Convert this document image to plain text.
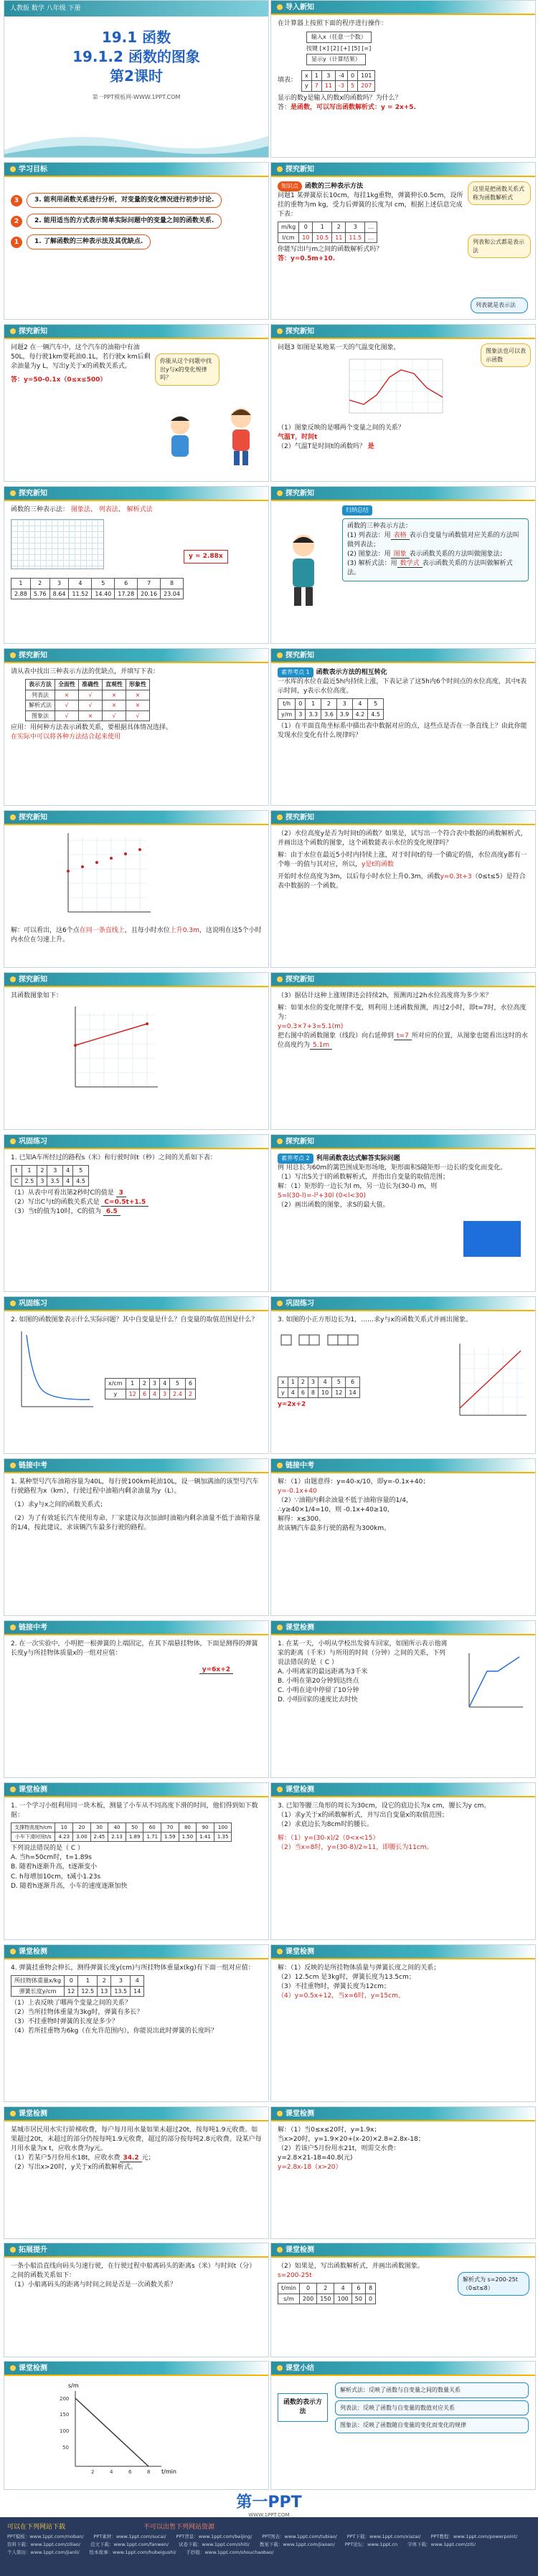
人教版 数学 八年级 下册
19.1 函数
19.1.2 函数的图象
第2课时
第一PPT模板网-WWW.1PPT.COM
导入新知
在计算器上按照下面的程序进行操作：
输入x（任意一个数）
按键 [×] [2] [+] [5] [=]
显示y（计算结果）
填表：
x	1	3	-4	0	101
y	7	11	-3	5	207
显示的数y是输入的数x的函数吗？为什么？
答：是函数，可以写出函数解析式：y = 2x+5.
学习目标
3	3. 能利用函数关系进行分析，对变量的变化情况进行初步讨论.
2	2. 能用适当的方式表示简单实际问题中的变量之间的函数关系.
1	1. 了解函数的三种表示法及其优缺点.
探究新知
知识点 函数的三种表示方法
问题1 某弹簧原长10cm，每挂1kg重物，弹簧伸长0.5cm，设所挂的重物为m kg，受力后弹簧的长度为l cm，根据上述信息完成下表：
m/kg	0	1	2	3	…
l/cm	10	10.5	11	11.5	…
你能写出l与m之间的函数解析式吗？
答：y=0.5m+10.
这里是把函数关系式称为函数解析式
列表和公式都是表示法
列表就是表示法
探究新知
问题2 在一辆汽车中，这个汽车的油箱中有油50L，每行驶1km要耗油0.1L，若行驶x km后剩余油量为y L，写出y关于x的函数关系式。
答：y=50-0.1x（0≤x≤500）
你能从这个问题中找出y与x的变化规律吗？
探究新知
问题3 如图是某地某一天的气温变化图象，
（1）图象反映的是哪两个变量之间的关系？
气温T，时间t
（2）气温T是时间t的函数吗？ 是
图象法也可以表示函数
探究新知
函数的三种表示法： 图象法、 列表法、 解析式法
y = 2.88x
1	2	3	4	5	6	7	8
2.88	5.76	8.64	11.52	14.40	17.28	20.16	23.04
探究新知
归纳总结
函数的三种表示方法：
(1) 列表法：用 表格 表示自变量与函数值对应关系的方法叫做列表法；
(2) 图象法：用 图象 表示函数关系的方法叫做图象法；
(3) 解析式法：用 数学式 表示函数关系的方法叫做解析式法。
探究新知
请从表中找出三种表示方法的优缺点，并填写下表：
表示方法	全面性	准确性	直观性	形象性
列表法	×	√	×	×
解析式法	√	√	×	×
图象法	√	×	√	√
应用：用何种方法表示函数关系，要根据具体情况选择。
在实际中可以将各种方法结合起来使用
探究新知
素养考点 1 函数表示方法的相互转化
一水库的水位在最近5h内持续上涨，下表记录了这5h内6个时间点的水位高度，其中t表示时间，y表示水位高度。
t/h	0	1	2	3	4	5
y/m	3	3.3	3.6	3.9	4.2	4.5
（1）在平面直角坐标系中描出表中数据对应的点，这些点是否在一条直线上？由此你能发现水位变化有什么规律吗？
探究新知
解：可以看出，这6个点在同一条直线上，且每小时水位上升0.3m，这说明在这5个小时内水位在匀速上升。
探究新知
（2）水位高度y是否为时间t的函数？如果是，试写出一个符合表中数据的函数解析式，并画出这个函数的图象，这个函数能表示水位的变化规律吗？
解：由于水位在最近5小时内持续上涨，对于时间t的每一个确定的值，水位高度y都有一个唯一的值与其对应，所以，y是t的函数
开始时水位高度为3m，以后每小时水位上升0.3m，函数y=0.3t+3（0≤t≤5）是符合表中数据的一个函数。
探究新知
其函数图象如下：
探究新知
（3）据估计这种上涨规律还会持续2h，预测再过2h水位高度将为多少米？
解：如果水位的变化规律不变，则利用上述函数预测，再过2小时，即t=7时，水位高度为：
y=0.3×7+3=5.1(m)
把右图中的函数图象（线段）向右延伸到 t=7 所对应的位置，从图象也能看出这时的水位高度约为 5.1m
巩固练习
1. 已知A车所经过的路程s（米）和行驶时间t（秒）之间的关系如下表：
t	1	2	3	4	5
C	2.5	3	3.5	4	4.5
（1）从表中可看出第2秒时C的值是 3
（2）写出C与t的函数关系式是 C=0.5t+1.5
（3）当t的值为10时，C的值为 6.5
探究新知
素养考点 2 利用函数表达式解答实际问题
例 用总长为60m的篱笆围成矩形场地，矩形面积S随矩形一边长l的变化而变化。
（1）写出S关于l的函数解析式，并指出自变量的取值范围；
解：（1）矩形的一边长为l m，另一边长为(30-l) m，则
S=l(30-l)=-l²+30l (0<l<30)
（2）画出函数的图象，求S的最大值。
巩固练习
2. 如图的函数图象表示什么实际问题？其中自变量是什么？自变量的取值范围是什么？
x/cm	1	2	3	4	5	6
y	12	6	4	3	2.4	2
巩固练习
3. 如图的小正方形边长为1，……求y与x的函数关系式并画出图象。
x	1	2	3	4	5	6
y	4	6	8	10	12	14
y=2x+2
链接中考
1. 某种型号汽车油箱容量为40L，每行驶100km耗油10L，设一辆加满油的该型号汽车行驶路程为x（km），行驶过程中油箱内剩余油量为y（L）。
（1）求y与x之间的函数关系式；
（2）为了有效延长汽车使用寿命，厂家建议每次加油时油箱内剩余油量不低于油箱容量的1/4，按此建议，求该辆汽车最多行驶的路程。
链接中考
解：（1）由题意得：y=40-x/10，即y=-0.1x+40；
y=-0.1x+40
（2）∵油箱内剩余油量不低于油箱容量的1/4，
∴y≥40×1/4=10，则 -0.1x+40≥10，
解得：x≤300。
故该辆汽车最多行驶的路程为300km。
链接中考
2. 在一次实验中，小明把一根弹簧的上端固定，在其下端悬挂物体，下面是测得的弹簧长度y与所挂物体质量x的一组对应值：
y=6x+2
课堂检测
1. 在某一天，小明从学校出发骑车回家，如图所示表示他离家的距离（千米）与所用的时间（分钟）之间的关系，下列说法错误的是（ C ）
A. 小明离家的最远距离为3千米
B. 小明在第20分钟到达终点
C. 小明在途中停留了10分钟
D. 小明回家的速度比去时快
课堂检测
1. 一个学习小组利用同一块木板，测量了小车从不同高度下滑的时间，他们得到如下数据：
支撑物高度h/cm	10	20	30	40	50	60	70	80	90	100
小车下滑时间t/s	4.23	3.00	2.45	2.13	1.89	1.71	1.59	1.50	1.41	1.35
下列说法错误的是（ C ）
A. 当h=50cm时，t=1.89s
B. 随着h逐渐升高，t逐渐变小
C. h每增加10cm，t减小1.23s
D. 随着h逐渐升高，小车的速度逐渐加快
课堂检测
3. 已知等腰三角形的周长为30cm，设它的底边长为x cm，腰长为y cm。
（1）求y关于x的函数解析式，并写出自变量x的取值范围；
（2）求底边长为8cm时的腰长。
解：（1）y=(30-x)/2（0<x<15）
（2）当x=8时，y=(30-8)/2=11，即腰长为11cm。
课堂检测
4. 弹簧挂重物会伸长，测得弹簧长度y(cm)与所挂物体重量x(kg)有下面一组对应值：
所挂物体重量x/kg	0	1	2	3	4
弹簧长度y/cm	12	12.5	13	13.5	14
（1）上表反映了哪两个变量之间的关系？
（2）当所挂物体重量为3kg时，弹簧有多长？
（3）不挂重物时弹簧的长度是多少？
（4）若所挂重物为6kg（在允许范围内），你能说出此时弹簧的长度吗？
课堂检测
解：（1）反映的是所挂物体质量与弹簧长度之间的关系；
（2）12.5cm 是3kg时，弹簧长度为13.5cm；
（3）不挂重物时，弹簧长度为12cm；
（4）y=0.5x+12，当x=6时，y=15cm。
课堂检测
某城市居民用水实行阶梯收费，每户每月用水量如果未超过20t，按每吨1.9元收费。如果超过20t，未超过的部分仍按每吨1.9元收费，超过的部分按每吨2.8元收费。设某户每月用水量为x t，应收水费为y元。
（1）若某户5月份用水18t，应收水费 34.2 元；
（2）写出x>20时，y关于x的函数解析式。
课堂检测
解：（1）当0≤x≤20时，y=1.9x；
当x>20时，y=1.9×20+(x-20)×2.8=2.8x-18；
（2）若该户5月份用水21t，则需交水费：
y=2.8×21-18=40.8(元)
y=2.8x-18（x>20）
拓展提升
一条小船沿直线向码头匀速行驶，在行驶过程中船离码头的距离s（米）与时间t（分）之间的函数关系如下：
（1）小船离码头的距离与时间之间是否是一次函数关系？
课堂检测
（2）如果是，写出函数解析式，并画出函数图象。
s=200-25t
t/min	0	2	4	6	8
s/m	200	150	100	50	0
解析式为 s=200-25t（0≤t≤8）
课堂检测
s/m
t/min
200
150
100
50
2	4	6	8
课堂小结
函数的表示方法
解析式法：反映了函数与自变量之间的数量关系
列表法：反映了函数与自变量的数值对应关系
图象法：反映了函数随自变量的变化而变化的规律
第一PPT
WWW.1PPT.COM
可以在下列网站下载	不可以出售下列网站资源
PPT模板：www.1ppt.com/moban/ PPT素材：www.1ppt.com/sucai/ PPT背景：www.1ppt.com/beijing/ PPT图表：www.1ppt.com/tubiao/ PPT下载：www.1ppt.com/xiazai/ PPT教程：www.1ppt.com/powerpoint/
资料下载：www.1ppt.com/ziliao/ 范文下载：www.1ppt.com/fanwen/ 试卷下载：www.1ppt.com/shiti/ 教案下载：www.1ppt.com/jiaoan/ PPT论坛：www.1ppt.cn 字体下载：www.1ppt.com/ziti/
个人简历：www.1ppt.com/jianli/ 绘本故事：www.1ppt.com/hubeigushi/ 手抄报：www.1ppt.com/shouchaobao/
